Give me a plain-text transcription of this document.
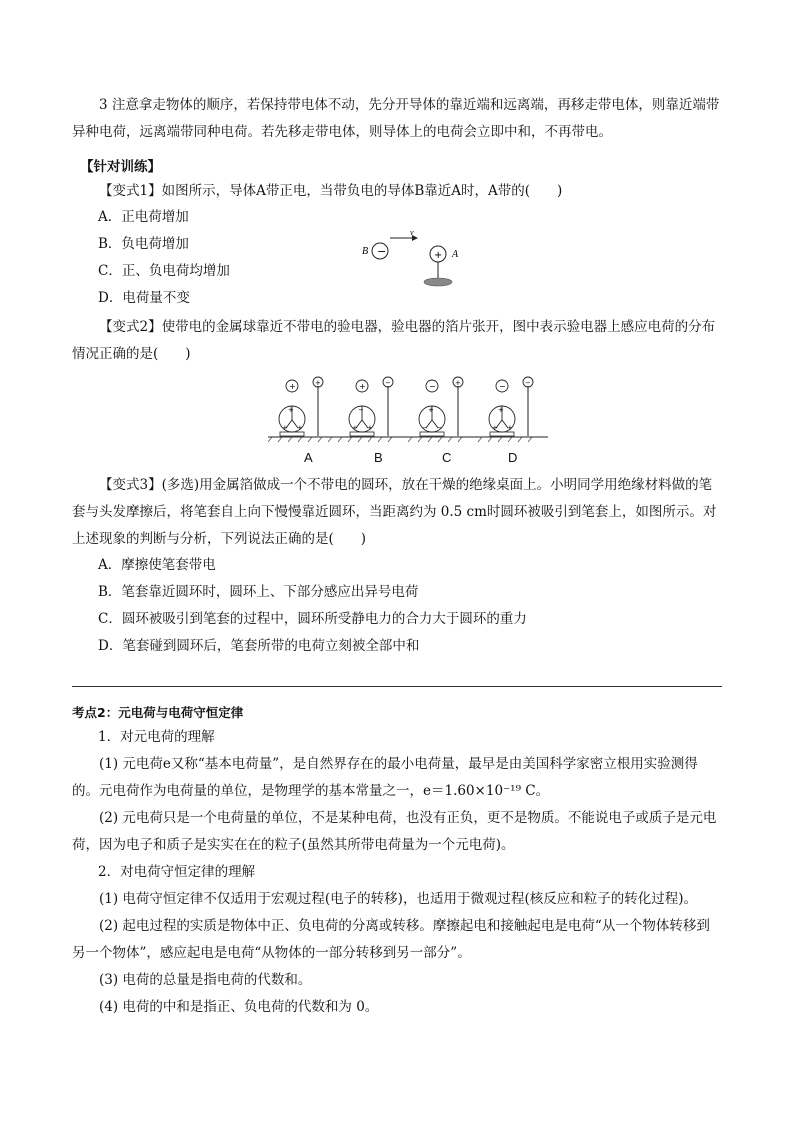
3 注意拿走物体的顺序，若保持带电体不动，先分开导体的靠近端和远离端，再移走带电体，则靠近端带异种电荷，远离端带同种电荷。若先移走带电体，则导体上的电荷会立即中和，不再带电。

【针对训练】

【变式1】如图所示，导体A带正电，当带负电的导体B靠近A时，A带的(　　)

A．正电荷增加

B．负电荷增加

C．正、负电荷均增加

D．电荷量不变

B −
v
+ A

【变式2】使带电的金属球靠近不带电的验电器，验电器的箔片张开，图中表示验电器上感应电荷的分布情况正确的是(　　)

+
+
+ +
+	+
−
+ +
−	−
+
− −
+	−
+
+ +
−
A	B	C	D

【变式3】(多选)用金属箔做成一个不带电的圆环，放在干燥的绝缘桌面上。小明同学用绝缘材料做的笔套与头发摩擦后，将笔套自上向下慢慢靠近圆环，当距离约为 0.5 cm时圆环被吸引到笔套上，如图所示。对上述现象的判断与分析，下列说法正确的是(　　)

A．摩擦使笔套带电

B．笔套靠近圆环时，圆环上、下部分感应出异号电荷

C．圆环被吸引到笔套的过程中，圆环所受静电力的合力大于圆环的重力

D．笔套碰到圆环后，笔套所带的电荷立刻被全部中和

考点2：元电荷与电荷守恒定律

1．对元电荷的理解

(1) 元电荷e又称“基本电荷量”，是自然界存在的最小电荷量，最早是由美国科学家密立根用实验测得的。元电荷作为电荷量的单位，是物理学的基本常量之一，e＝1.60×10⁻¹⁹ C。

(2) 元电荷只是一个电荷量的单位，不是某种电荷，也没有正负，更不是物质。不能说电子或质子是元电荷，因为电子和质子是实实在在的粒子(虽然其所带电荷量为一个元电荷)。

2．对电荷守恒定律的理解

(1) 电荷守恒定律不仅适用于宏观过程(电子的转移)，也适用于微观过程(核反应和粒子的转化过程)。

(2) 起电过程的实质是物体中正、负电荷的分离或转移。摩擦起电和接触起电是电荷“从一个物体转移到另一个物体”，感应起电是电荷“从物体的一部分转移到另一部分”。

(3) 电荷的总量是指电荷的代数和。

(4) 电荷的中和是指正、负电荷的代数和为 0。
